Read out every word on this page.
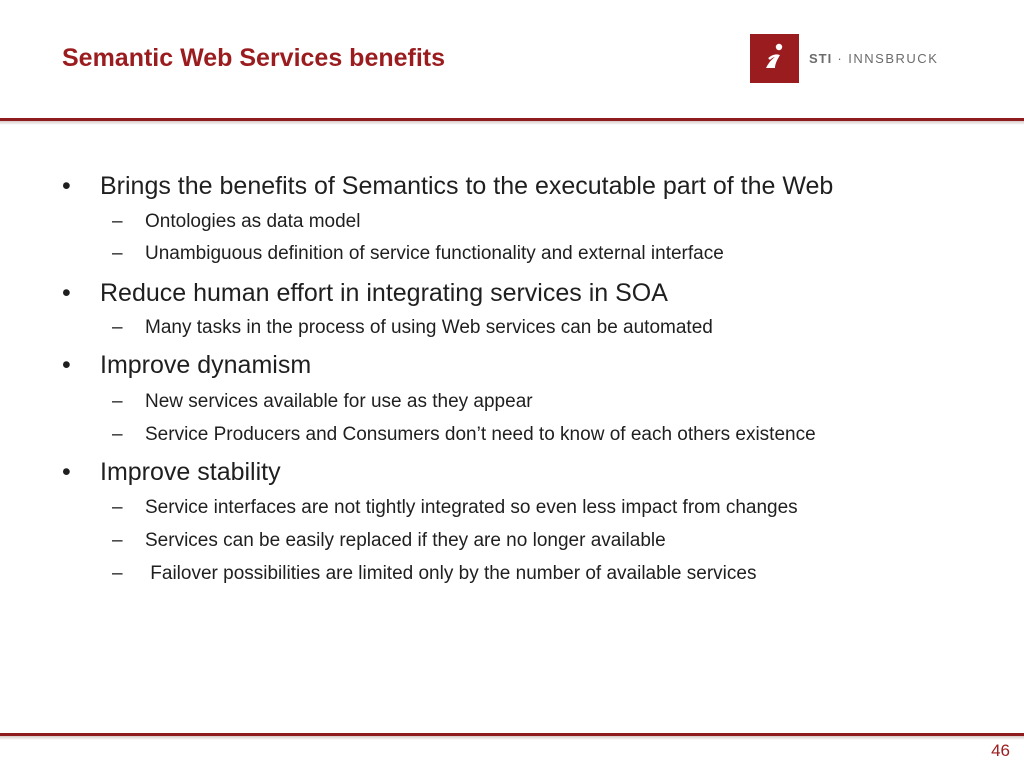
Semantic Web Services benefits	STI · INNSBRUCK
• Brings the benefits of Semantics to the executable part of the Web
– Ontologies as data model
– Unambiguous definition of service functionality and external interface
• Reduce human effort in integrating services in SOA
– Many tasks in the process of using Web services can be automated
• Improve dynamism
– New services available for use as they appear
– Service Producers and Consumers don’t need to know of each others existence
• Improve stability
– Service interfaces are not tightly integrated so even less impact from changes
– Services can be easily replaced if they are no longer available
– Failover possibilities are limited only by the number of available services
46
